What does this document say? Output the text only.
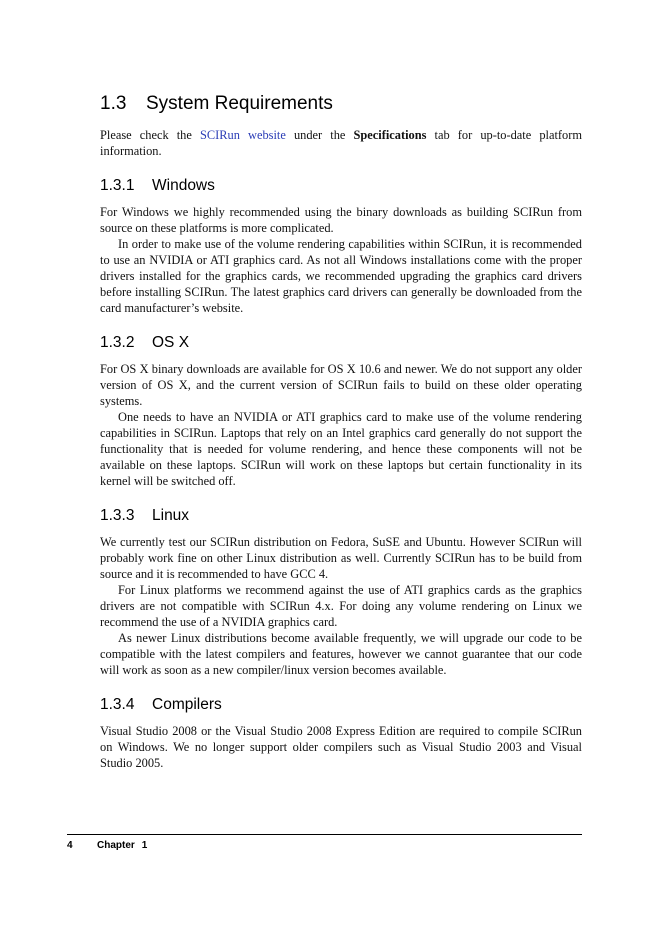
1.3 System Requirements

Please check the SCIRun website under the Specifications tab for up-to-date platform information.

1.3.1 Windows

For Windows we highly recommended using the binary downloads as building SCIRun from source on these platforms is more complicated.

In order to make use of the volume rendering capabilities within SCIRun, it is recommended to use an NVIDIA or ATI graphics card. As not all Windows installations come with the proper drivers installed for the graphics cards, we recommended upgrading the graphics card drivers before installing SCIRun. The latest graphics card drivers can generally be downloaded from the card manufacturer’s website.

1.3.2 OS X

For OS X binary downloads are available for OS X 10.6 and newer. We do not support any older version of OS X, and the current version of SCIRun fails to build on these older operating systems.

One needs to have an NVIDIA or ATI graphics card to make use of the volume rendering capabilities in SCIRun. Laptops that rely on an Intel graphics card generally do not support the functionality that is needed for volume rendering, and hence these components will not be available on these laptops. SCIRun will work on these laptops but certain functionality in its kernel will be switched off.

1.3.3 Linux

We currently test our SCIRun distribution on Fedora, SuSE and Ubuntu. However SCIRun will probably work fine on other Linux distribution as well. Currently SCIRun has to be build from source and it is recommended to have GCC 4.

For Linux platforms we recommend against the use of ATI graphics cards as the graphics drivers are not compatible with SCIRun 4.x. For doing any volume rendering on Linux we recommend the use of a NVIDIA graphics card.

As newer Linux distributions become available frequently, we will upgrade our code to be compatible with the latest compilers and features, however we cannot guarantee that our code will work as soon as a new compiler/linux version becomes available.

1.3.4 Compilers

Visual Studio 2008 or the Visual Studio 2008 Express Edition are required to compile SCIRun on Windows. We no longer support older compilers such as Visual Studio 2003 and Visual Studio 2005.

4 Chapter 1
